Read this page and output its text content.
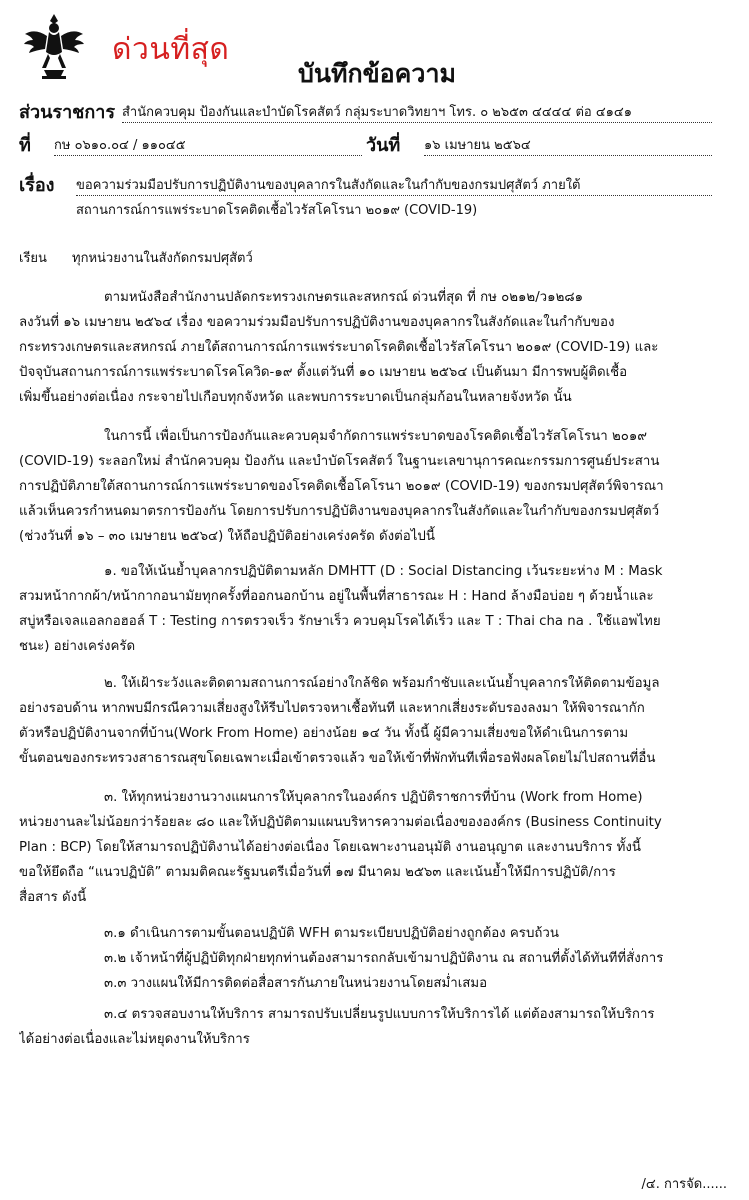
ด่วนที่สุด
บันทึกข้อความ
ส่วนราชการ สำนักควบคุม ป้องกันและบำบัดโรคสัตว์ กลุ่มระบาดวิทยาฯ โทร. ๐ ๒๖๕๓ ๔๔๔๔ ต่อ ๔๑๔๑
ที่ กษ ๐๖๑๐.๐๔ / ๑๑๐๔๕	วันที่ ๑๖ เมษายน ๒๕๖๔
เรื่อง ขอความร่วมมือปรับการปฏิบัติงานของบุคลากรในสังกัดและในกำกับของกรมปศุสัตว์ ภายใต้
สถานการณ์การแพร่ระบาดโรคติดเชื้อไวรัสโคโรนา ๒๐๑๙ (COVID-19)
เรียน ทุกหน่วยงานในสังกัดกรมปศุสัตว์
ตามหนังสือสำนักงานปลัดกระทรวงเกษตรและสหกรณ์ ด่วนที่สุด ที่ กษ ๐๒๑๒/ว๑๒๘๑
ลงวันที่ ๑๖ เมษายน ๒๕๖๔ เรื่อง ขอความร่วมมือปรับการปฏิบัติงานของบุคลากรในสังกัดและในกำกับของ
กระทรวงเกษตรและสหกรณ์ ภายใต้สถานการณ์การแพร่ระบาดโรคติดเชื้อไวรัสโคโรนา ๒๐๑๙ (COVID-19) และ
ปัจจุบันสถานการณ์การแพร่ระบาดโรคโควิด-๑๙ ตั้งแต่วันที่ ๑๐ เมษายน ๒๕๖๔ เป็นต้นมา มีการพบผู้ติดเชื้อ
เพิ่มขึ้นอย่างต่อเนื่อง กระจายไปเกือบทุกจังหวัด และพบการระบาดเป็นกลุ่มก้อนในหลายจังหวัด นั้น
ในการนี้ เพื่อเป็นการป้องกันและควบคุมจำกัดการแพร่ระบาดของโรคติดเชื้อไวรัสโคโรนา ๒๐๑๙
(COVID-19) ระลอกใหม่ สำนักควบคุม ป้องกัน และบำบัดโรคสัตว์ ในฐานะเลขานุการคณะกรรมการศูนย์ประสาน
การปฏิบัติภายใต้สถานการณ์การแพร่ระบาดของโรคติดเชื้อโคโรนา ๒๐๑๙ (COVID-19) ของกรมปศุสัตว์พิจารณา
แล้วเห็นควรกำหนดมาตรการป้องกัน โดยการปรับการปฏิบัติงานของบุคลากรในสังกัดและในกำกับของกรมปศุสัตว์
(ช่วงวันที่ ๑๖ – ๓๐ เมษายน ๒๕๖๔) ให้ถือปฏิบัติอย่างเคร่งครัด ดังต่อไปนี้
๑. ขอให้เน้นย้ำบุคลากรปฏิบัติตามหลัก DMHTT (D : Social Distancing เว้นระยะห่าง M : Mask
สวมหน้ากากผ้า/หน้ากากอนามัยทุกครั้งที่ออกนอกบ้าน อยู่ในพื้นที่สาธารณะ H : Hand ล้างมือบ่อย ๆ ด้วยน้ำและ
สบู่หรือเจลแอลกอฮอล์ T : Testing การตรวจเร็ว รักษาเร็ว ควบคุมโรคได้เร็ว และ T : Thai cha na . ใช้แอพไทย
ชนะ) อย่างเคร่งครัด
๒. ให้เฝ้าระวังและติดตามสถานการณ์อย่างใกล้ชิด พร้อมกำชับและเน้นย้ำบุคลากรให้ติดตามข้อมูล
อย่างรอบด้าน หากพบมีกรณีความเสี่ยงสูงให้รีบไปตรวจหาเชื้อทันที และหากเสี่ยงระดับรองลงมา ให้พิจารณากัก
ตัวหรือปฏิบัติงานจากที่บ้าน(Work From Home) อย่างน้อย ๑๔ วัน ทั้งนี้ ผู้มีความเสี่ยงขอให้ดำเนินการตาม
ขั้นตอนของกระทรวงสาธารณสุขโดยเฉพาะเมื่อเข้าตรวจแล้ว ขอให้เข้าที่พักทันทีเพื่อรอฟังผลโดยไม่ไปสถานที่อื่น
๓. ให้ทุกหน่วยงานวางแผนการให้บุคลากรในองค์กร ปฏิบัติราชการที่บ้าน (Work from Home)
หน่วยงานละไม่น้อยกว่าร้อยละ ๘๐ และให้ปฏิบัติตามแผนบริหารความต่อเนื่องขององค์กร (Business Continuity
Plan : BCP) โดยให้สามารถปฏิบัติงานได้อย่างต่อเนื่อง โดยเฉพาะงานอนุมัติ งานอนุญาต และงานบริการ ทั้งนี้
ขอให้ยึดถือ “แนวปฏิบัติ” ตามมติคณะรัฐมนตรีเมื่อวันที่ ๑๗ มีนาคม ๒๕๖๓ และเน้นย้ำให้มีการปฏิบัติ/การ
สื่อสาร ดังนี้
๓.๑ ดำเนินการตามขั้นตอนปฏิบัติ WFH ตามระเบียบปฏิบัติอย่างถูกต้อง ครบถ้วน
๓.๒ เจ้าหน้าที่ผู้ปฏิบัติทุกฝ่ายทุกท่านต้องสามารถกลับเข้ามาปฏิบัติงาน ณ สถานที่ตั้งได้ทันทีที่สั่งการ
๓.๓ วางแผนให้มีการติดต่อสื่อสารกันภายในหน่วยงานโดยสม่ำเสมอ
๓.๔ ตรวจสอบงานให้บริการ สามารถปรับเปลี่ยนรูปแบบการให้บริการได้ แต่ต้องสามารถให้บริการ
ได้อย่างต่อเนื่องและไม่หยุดงานให้บริการ
/๔. การจัด......
